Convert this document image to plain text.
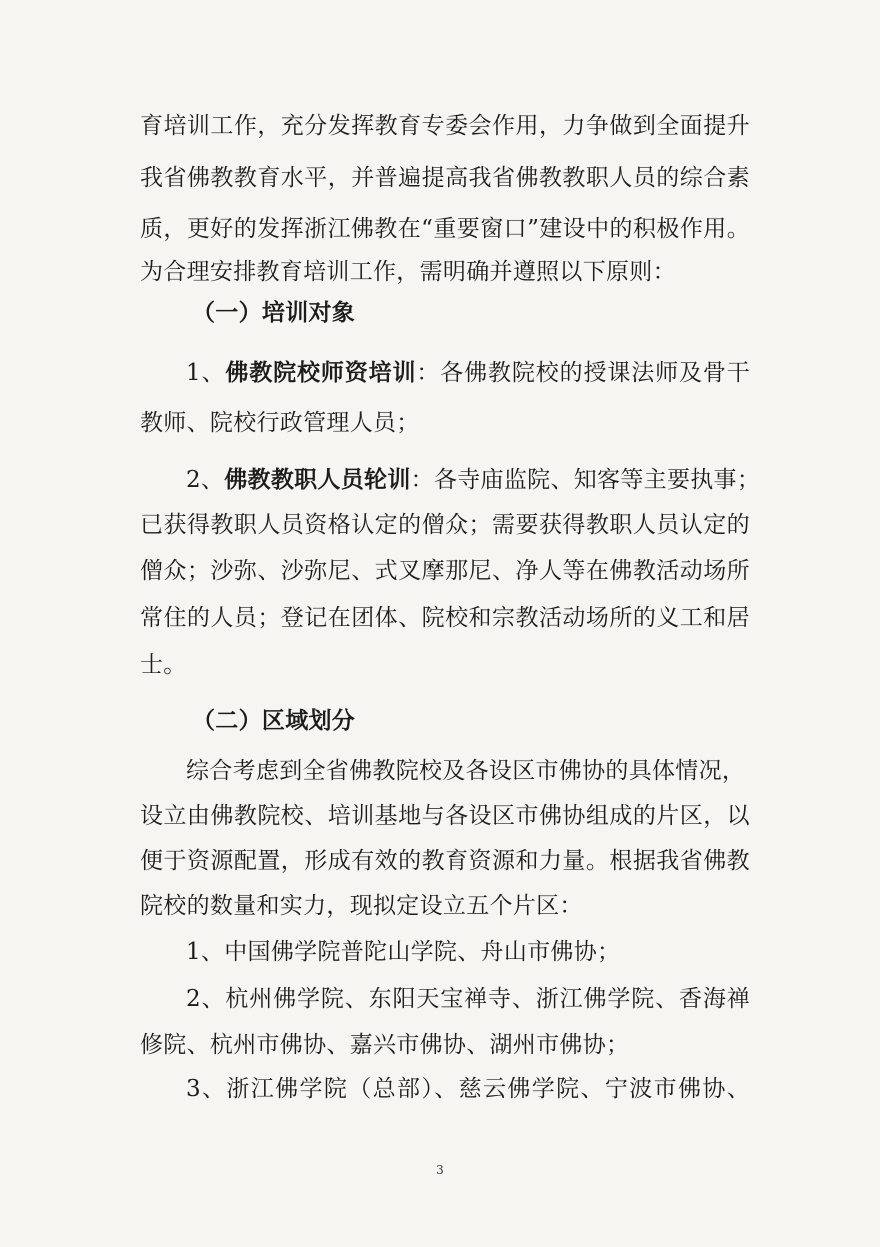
育培训工作，充分发挥教育专委会作用，力争做到全面提升
我省佛教教育水平，并普遍提高我省佛教教职人员的综合素
质，更好的发挥浙江佛教在“重要窗口”建设中的积极作用。
为合理安排教育培训工作，需明确并遵照以下原则：
（一）培训对象
1、佛教院校师资培训：各佛教院校的授课法师及骨干
教师、院校行政管理人员；
2、佛教教职人员轮训：各寺庙监院、知客等主要执事；
已获得教职人员资格认定的僧众；需要获得教职人员认定的
僧众；沙弥、沙弥尼、式叉摩那尼、净人等在佛教活动场所
常住的人员；登记在团体、院校和宗教活动场所的义工和居
士。
（二）区域划分
综合考虑到全省佛教院校及各设区市佛协的具体情况，
设立由佛教院校、培训基地与各设区市佛协组成的片区，以
便于资源配置，形成有效的教育资源和力量。根据我省佛教
院校的数量和实力，现拟定设立五个片区：
1、中国佛学院普陀山学院、舟山市佛协；
2、杭州佛学院、东阳天宝禅寺、浙江佛学院、香海禅
修院、杭州市佛协、嘉兴市佛协、湖州市佛协；
3、浙江佛学院（总部）、慈云佛学院、宁波市佛协、
3
